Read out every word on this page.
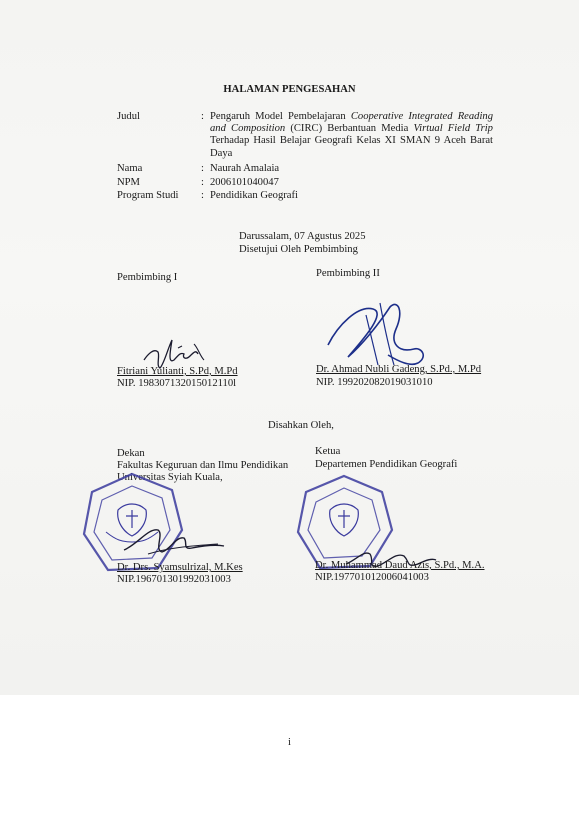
HALAMAN PENGESAHAN
Judul	: Pengaruh Model Pembelajaran Cooperative Integrated Reading and Composition (CIRC) Berbantuan Media Virtual Field Trip Terhadap Hasil Belajar Geografi Kelas XI SMAN 9 Aceh Barat Daya
Nama	: Naurah Amalaia
NPM	: 2006101040047
Program Studi : Pendidikan Geografi
Darussalam, 07 Agustus 2025
Disetujui Oleh Pembimbing
Pembimbing I	Pembimbing II
Fitriani Yulianti, S.Pd, M.Pd
NIP. 198307132015012110l
Dr. Ahmad Nubli Gadeng, S.Pd., M.Pd
NIP. 199202082019031010
Disahkan Oleh,
Dekan
Fakultas Keguruan dan Ilmu Pendidikan
Universitas Syiah Kuala,
Ketua
Departemen Pendidikan Geografi
Dr. Drs. Syamsulrizal, M.Kes
NIP.196701301992031003
Dr. Muhammad Daud Azis, S.Pd., M.A.
NIP.197701012006041003
i
